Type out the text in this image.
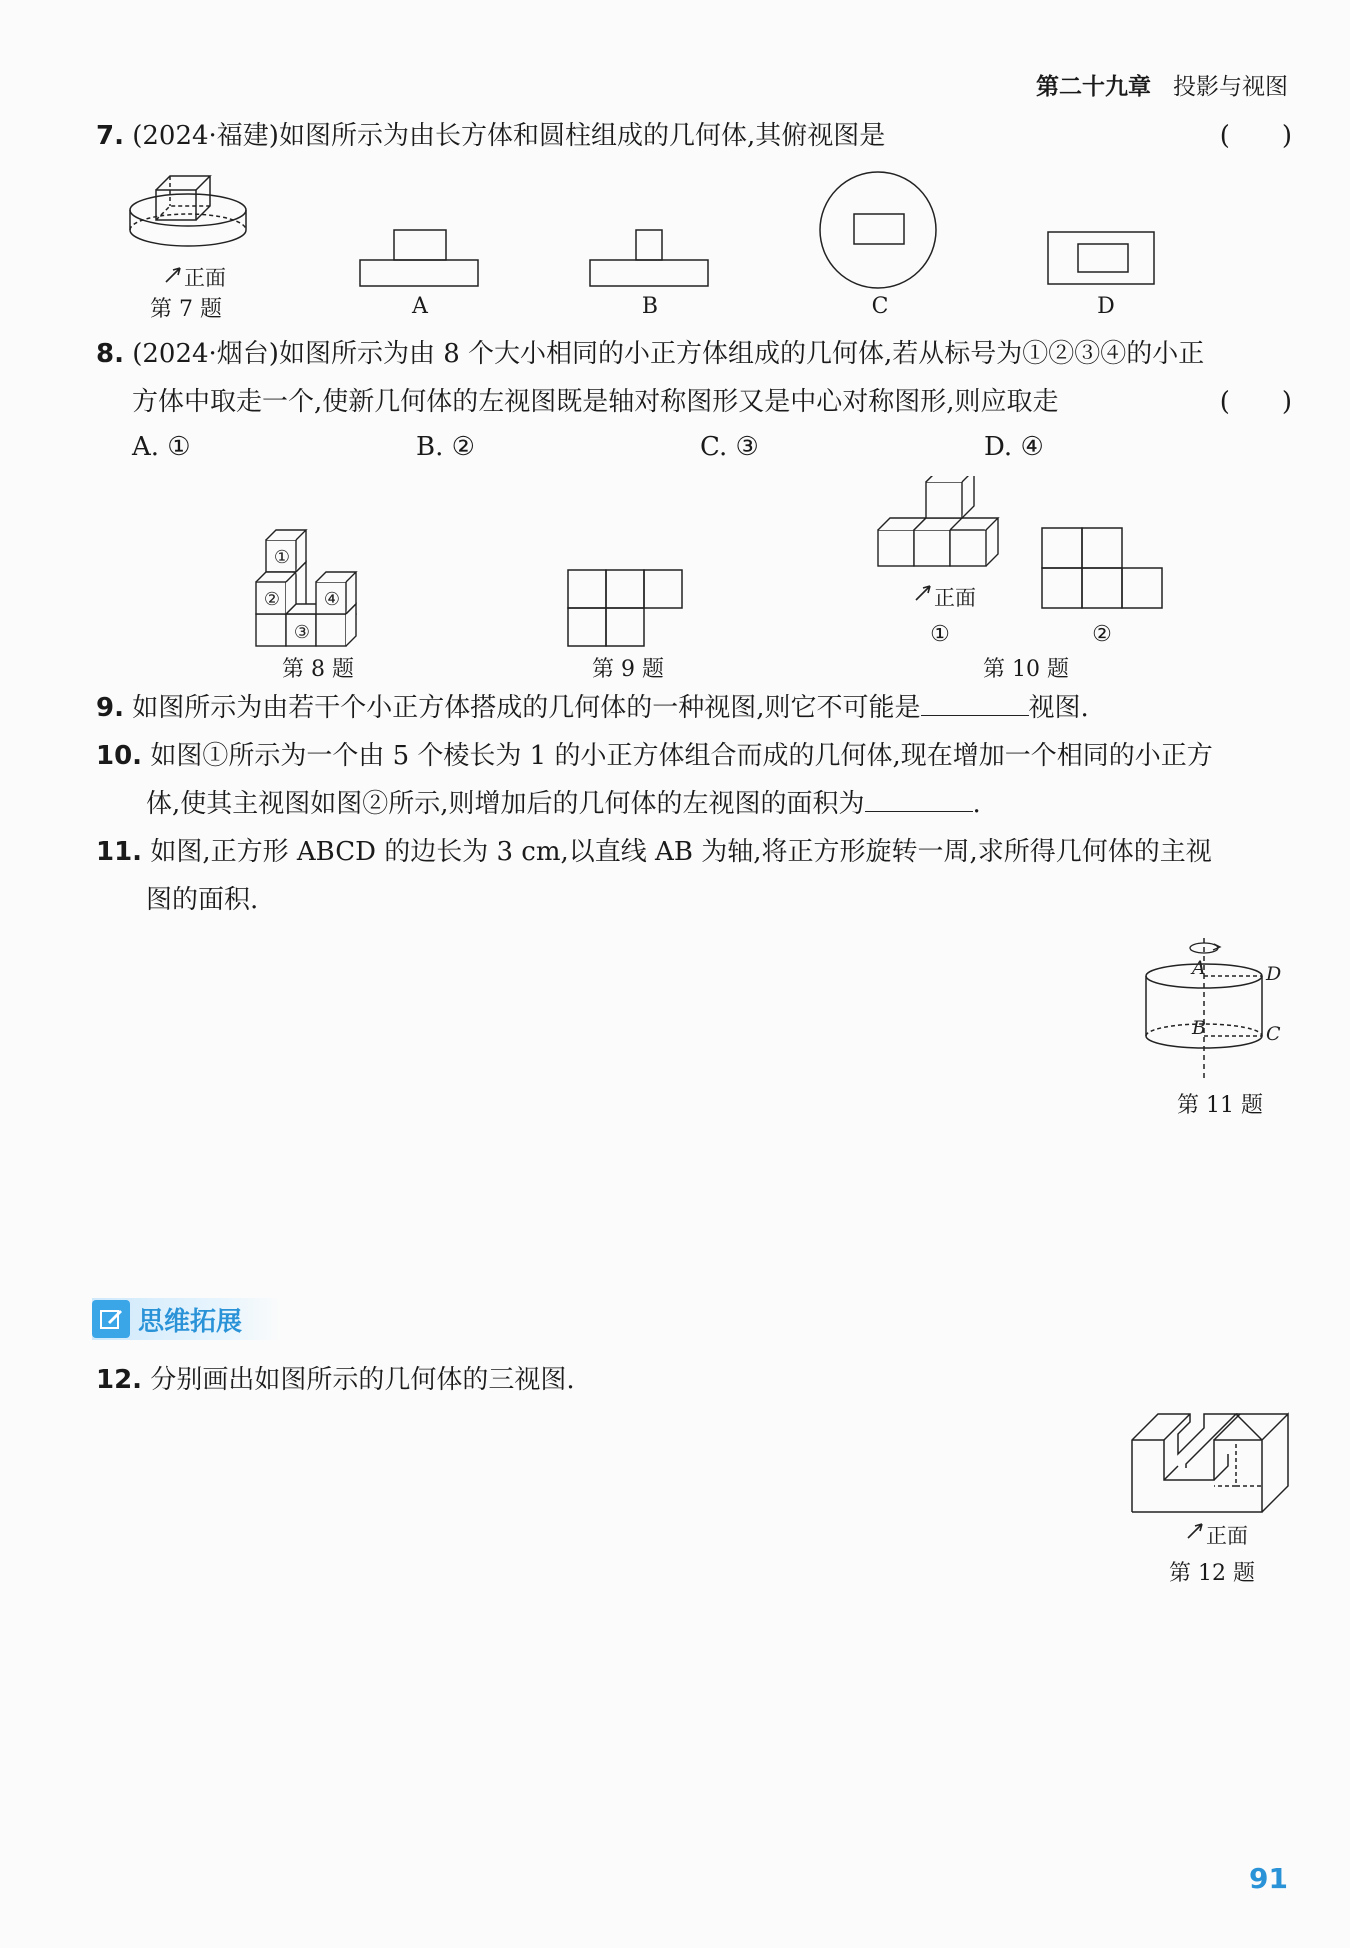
第二十九章 投影与视图
7. (2024·福建)如图所示为由长方体和圆柱组成的几何体,其俯视图是	(　　)
正面
第 7 题	A	B	C	D
8. (2024·烟台)如图所示为由 8 个大小相同的小正方体组成的几何体,若从标号为①②③④的小正
方体中取走一个,使新几何体的左视图既是轴对称图形又是中心对称图形,则应取走	(　　)
A. ①	B. ②	C. ③	D. ④
①
②
③
④
第 8 题	第 9 题
正面
①	②
第 10 题
9. 如图所示为由若干个小正方体搭成的几何体的一种视图,则它不可能是	视图.
10. 如图①所示为一个由 5 个棱长为 1 的小正方体组合而成的几何体,现在增加一个相同的小正方
体,使其主视图如图②所示,则增加后的几何体的左视图的面积为	.
11. 如图,正方形 ABCD 的边长为 3 cm,以直线 AB 为轴,将正方形旋转一周,求所得几何体的主视
图的面积.
A	D
B	C
第 11 题
思维拓展
12. 分别画出如图所示的几何体的三视图.
正面
第 12 题
91
